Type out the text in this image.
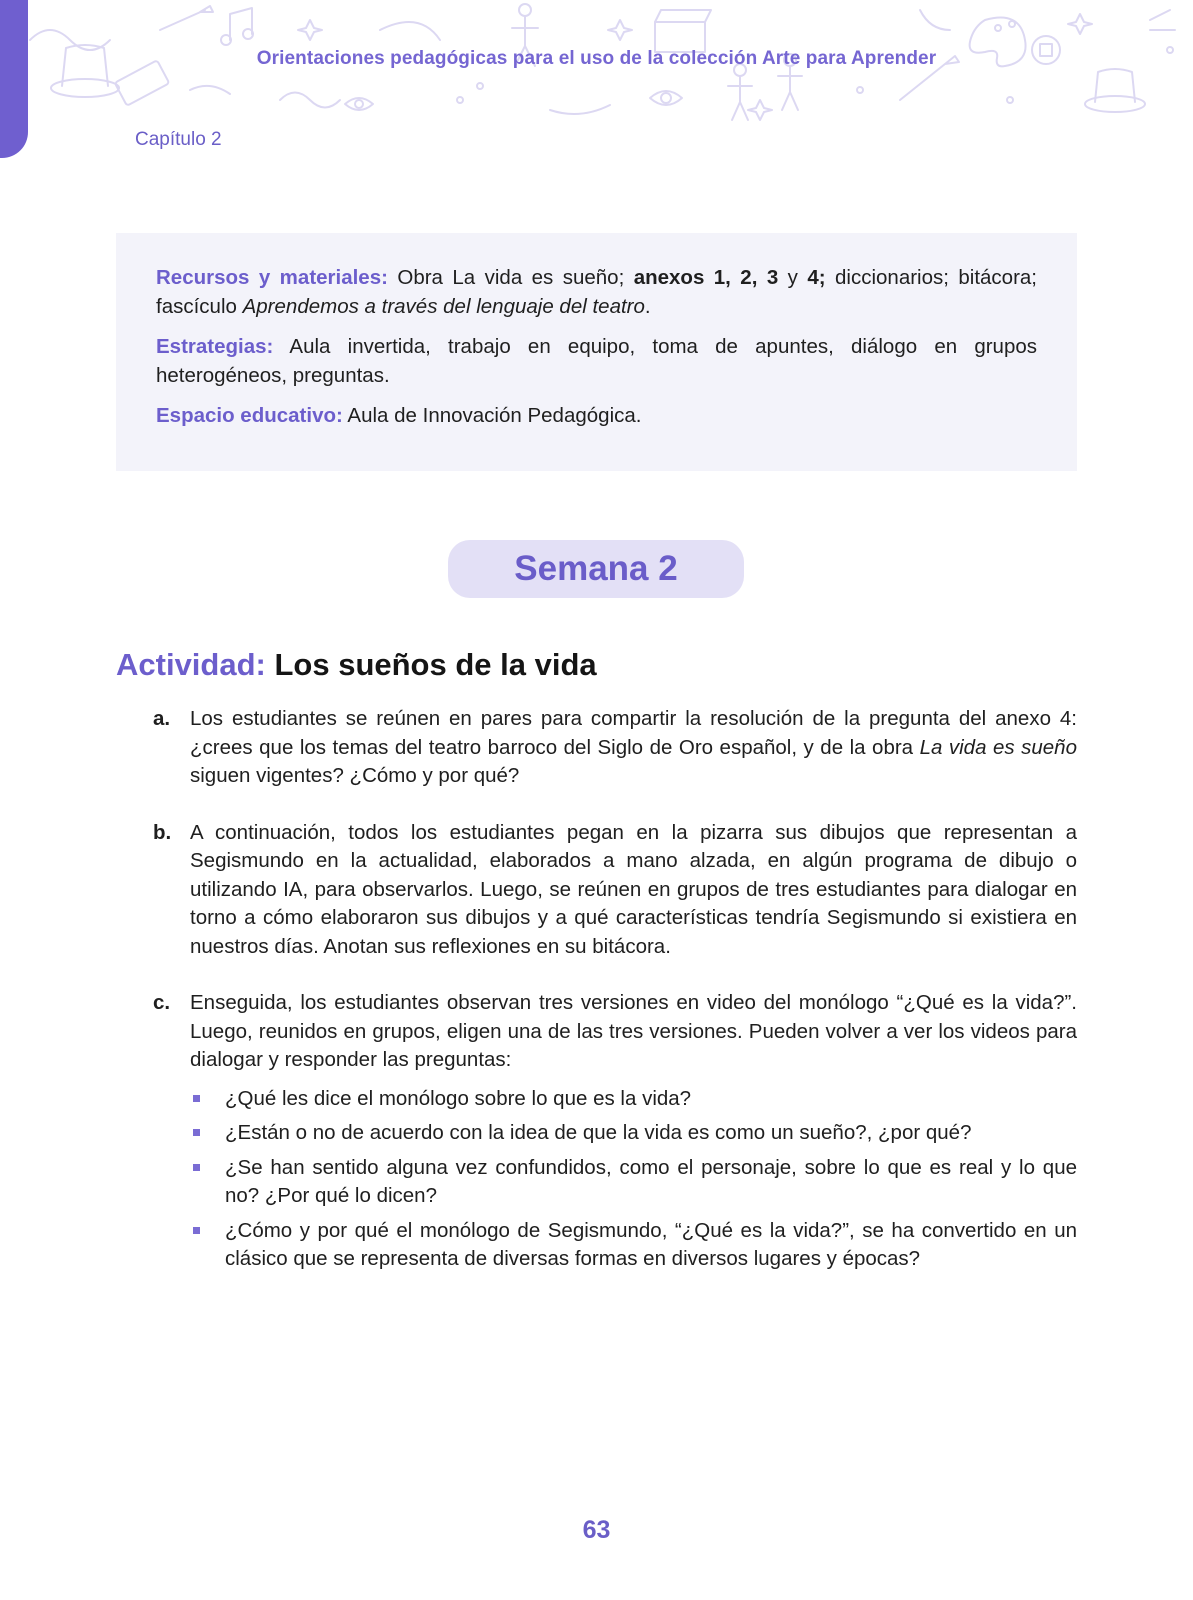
Orientaciones pedagógicas para el uso de la colección Arte para Aprender
Capítulo 2

Recursos y materiales: Obra La vida es sueño; anexos 1, 2, 3 y 4; diccionarios; bitácora; fascículo Aprendemos a través del lenguaje del teatro.

Estrategias: Aula invertida, trabajo en equipo, toma de apuntes, diálogo en grupos heterogéneos, preguntas.

Espacio educativo: Aula de Innovación Pedagógica.

Semana 2
Actividad: Los sueños de la vida
a. Los estudiantes se reúnen en pares para compartir la resolución de la pregunta del anexo 4: ¿crees que los temas del teatro barroco del Siglo de Oro español, y de la obra La vida es sueño siguen vigentes? ¿Cómo y por qué?
b. A continuación, todos los estudiantes pegan en la pizarra sus dibujos que representan a Segismundo en la actualidad, elaborados a mano alzada, en algún programa de dibujo o utilizando IA, para observarlos. Luego, se reúnen en grupos de tres estudiantes para dialogar en torno a cómo elaboraron sus dibujos y a qué características tendría Segismundo si existiera en nuestros días. Anotan sus reflexiones en su bitácora.
c. Enseguida, los estudiantes observan tres versiones en video del monólogo “¿Qué es la vida?”. Luego, reunidos en grupos, eligen una de las tres versiones. Pueden volver a ver los videos para dialogar y responder las preguntas:
¿Qué les dice el monólogo sobre lo que es la vida?
¿Están o no de acuerdo con la idea de que la vida es como un sueño?, ¿por qué?
¿Se han sentido alguna vez confundidos, como el personaje, sobre lo que es real y lo que no? ¿Por qué lo dicen?
¿Cómo y por qué el monólogo de Segismundo, “¿Qué es la vida?”, se ha convertido en un clásico que se representa de diversas formas en diversos lugares y épocas?
63
